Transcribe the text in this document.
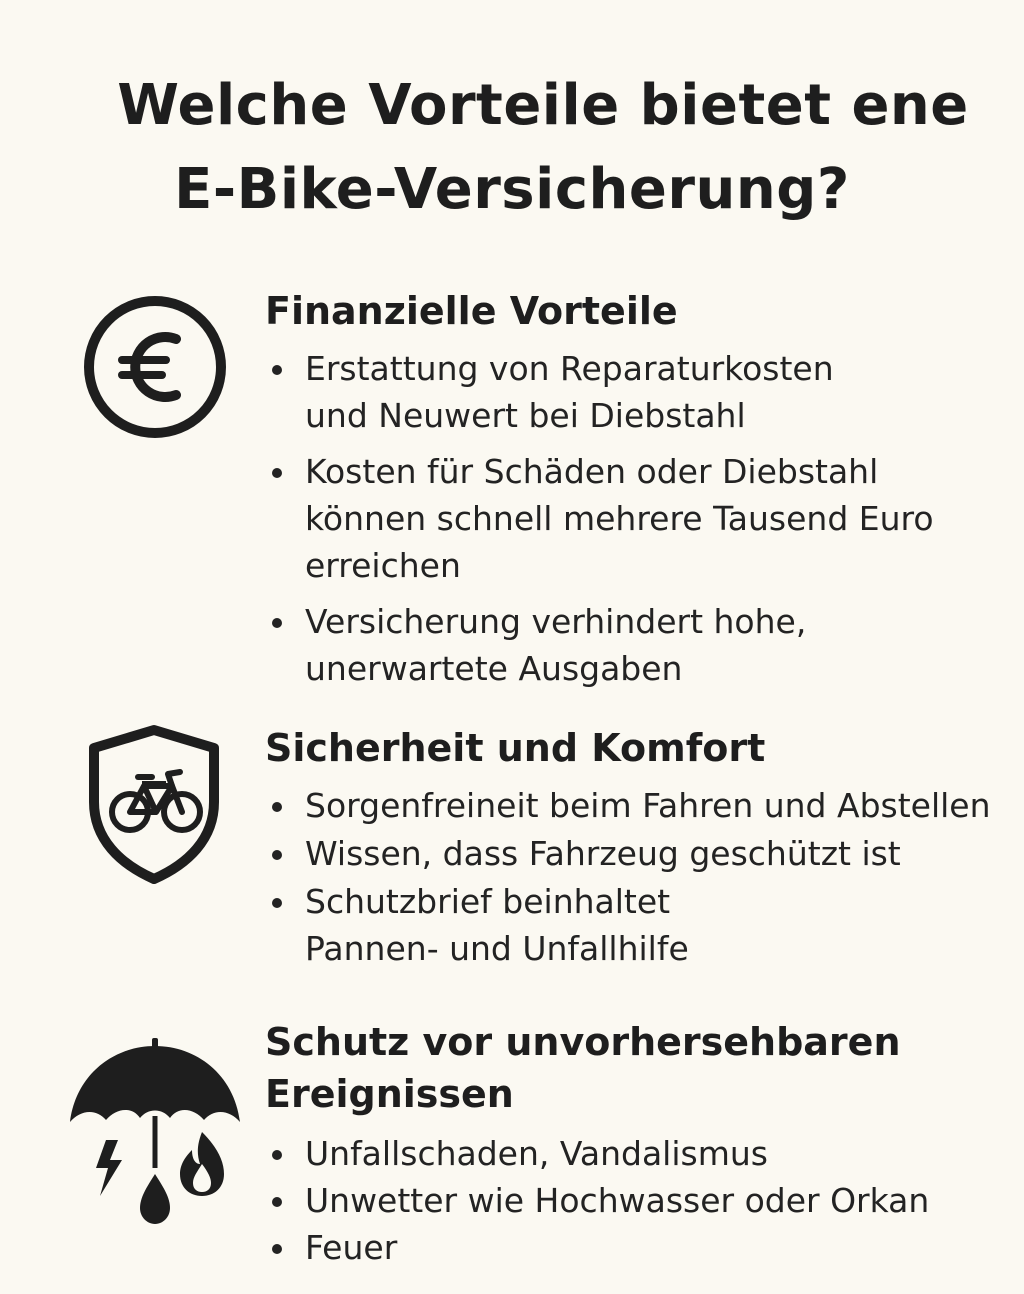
Welche Vorteile bietet ene
E-Bike-Versicherung?
Finanzielle Vorteile
Erstattung von Reparaturkosten
und Neuwert bei Diebstahl
Kosten für Schäden oder Diebstahl
können schnell mehrere Tausend Euro
erreichen
Versicherung verhindert hohe,
unerwartete Ausgaben
Sicherheit und Komfort
Sorgenfreineit beim Fahren und Abstellen
Wissen, dass Fahrzeug geschützt ist
Schutzbrief beinhaltet
Pannen- und Unfallhilfe
Schutz vor unvorhersehbaren
Ereignissen
Unfallschaden, Vandalismus
Unwetter wie Hochwasser oder Orkan
Feuer
